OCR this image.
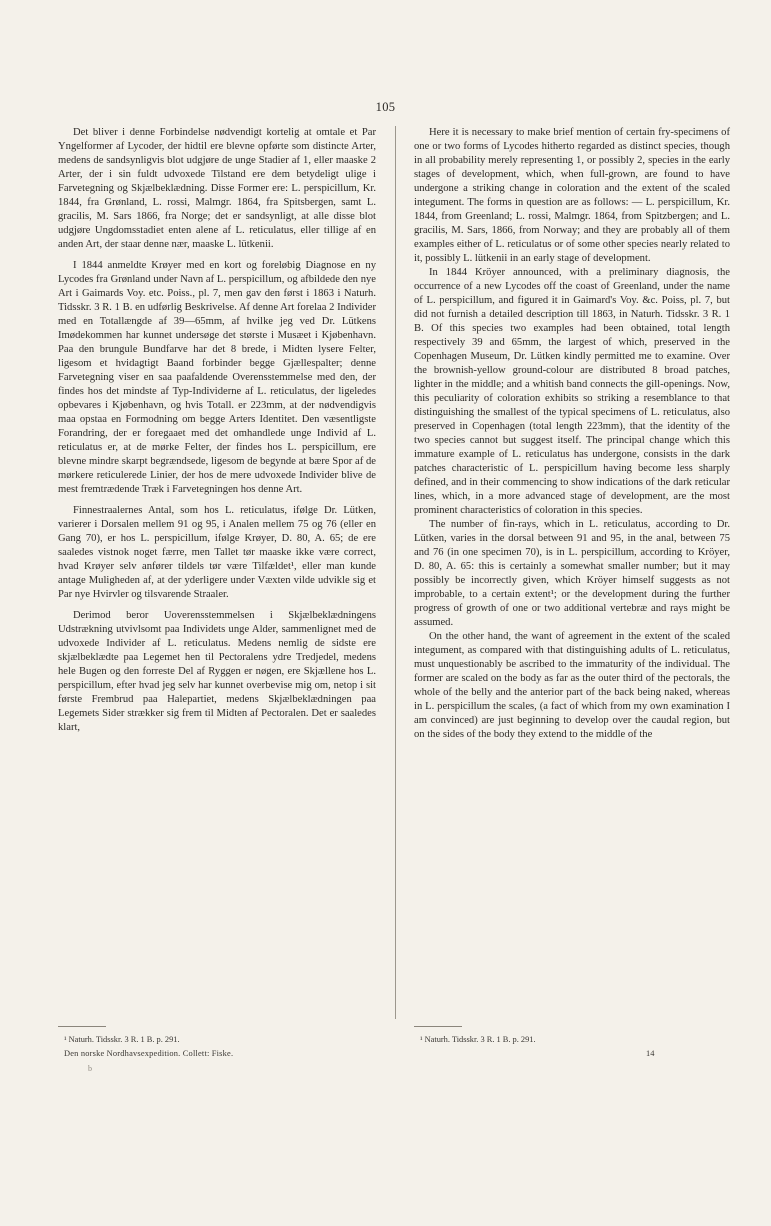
105

Det bliver i denne Forbindelse nødvendigt kortelig at omtale et Par Yngelformer af Lycoder, der hidtil ere blevne opførte som distincte Arter, medens de sandsynligvis blot udgjøre de unge Stadier af 1, eller maaske 2 Arter, der i sin fuldt udvoxede Tilstand ere dem betydeligt ulige i Farvetegning og Skjælbeklædning. Disse Former ere: L. perspicillum, Kr. 1844, fra Grønland, L. rossi, Malmgr. 1864, fra Spitsbergen, samt L. gracilis, M. Sars 1866, fra Norge; det er sandsynligt, at alle disse blot udgjøre Ungdomsstadiet enten alene af L. reticulatus, eller tillige af en anden Art, der staar denne nær, maaske L. lütkenii.

I 1844 anmeldte Krøyer med en kort og foreløbig Diagnose en ny Lycodes fra Grønland under Navn af L. perspicillum, og afbildede den nye Art i Gaimards Voy. etc. Poiss., pl. 7, men gav den først i 1863 i Naturh. Tidsskr. 3 R. 1 B. en udførlig Beskrivelse. Af denne Art forelaa 2 Individer med en Totallængde af 39—65mm, af hvilke jeg ved Dr. Lütkens Imødekommen har kunnet undersøge det største i Musæet i Kjøbenhavn. Paa den brungule Bundfarve har det 8 brede, i Midten lysere Felter, ligesom et hvidagtigt Baand forbinder begge Gjællespalter; denne Farvetegning viser en saa paafaldende Overensstemmelse med den, der findes hos det mindste af Typ-Individerne af L. reticulatus, der ligeledes opbevares i Kjøbenhavn, og hvis Totall. er 223mm, at der nødvendigvis maa opstaa en Formodning om begge Arters Identitet. Den væsentligste Forandring, der er foregaaet med det omhandlede unge Individ af L. reticulatus er, at de mørke Felter, der findes hos L. perspicillum, ere blevne mindre skarpt begrændsede, ligesom de begynde at bære Spor af de mørkere reticulerede Linier, der hos de mere udvoxede Individer blive de mest fremtrædende Træk i Farvetegningen hos denne Art.

Finnestraalernes Antal, som hos L. reticulatus, ifølge Dr. Lütken, varierer i Dorsalen mellem 91 og 95, i Analen mellem 75 og 76 (eller en Gang 70), er hos L. perspicillum, ifølge Krøyer, D. 80, A. 65; de ere saaledes vistnok noget færre, men Tallet tør maaske ikke være correct, hvad Krøyer selv anfører tildels tør være Tilfældet¹, eller man kunde antage Muligheden af, at der yderligere under Væxten vilde udvikle sig et Par nye Hvirvler og tilsvarende Straaler.

Derimod beror Uoverensstemmelsen i Skjælbeklædningens Udstrækning utvivlsomt paa Individets unge Alder, sammenlignet med de udvoxede Individer af L. reticulatus. Medens nemlig de sidste ere skjælbeklædte paa Legemet hen til Pectoralens ydre Tredjedel, medens hele Bugen og den forreste Del af Ryggen er nøgen, ere Skjællene hos L. perspicillum, efter hvad jeg selv har kunnet overbevise mig om, netop i sit første Frembrud paa Halepartiet, medens Skjælbeklædningen paa Legemets Sider strækker sig frem til Midten af Pectoralen. Det er saaledes klart,

Here it is necessary to make brief mention of certain fry-specimens of one or two forms of Lycodes hitherto regarded as distinct species, though in all probability merely representing 1, or possibly 2, species in the early stages of development, which, when full-grown, are found to have undergone a striking change in coloration and the extent of the scaled integument. The forms in question are as follows: — L. perspicillum, Kr. 1844, from Greenland; L. rossi, Malmgr. 1864, from Spitzbergen; and L. gracilis, M. Sars, 1866, from Norway; and they are probably all of them examples either of L. reticulatus or of some other species nearly related to it, possibly L. lütkenii in an early stage of development.

In 1844 Kröyer announced, with a preliminary diagnosis, the occurrence of a new Lycodes off the coast of Greenland, under the name of L. perspicillum, and figured it in Gaimard's Voy. &c. Poiss, pl. 7, but did not furnish a detailed description till 1863, in Naturh. Tidsskr. 3 R. 1 B. Of this species two examples had been obtained, total length respectively 39 and 65mm, the largest of which, preserved in the Copenhagen Museum, Dr. Lütken kindly permitted me to examine. Over the brownish-yellow ground-colour are distributed 8 broad patches, lighter in the middle; and a whitish band connects the gill-openings. Now, this peculiarity of coloration exhibits so striking a resemblance to that distinguishing the smallest of the typical specimens of L. reticulatus, also preserved in Copenhagen (total length 223mm), that the identity of the two species cannot but suggest itself. The principal change which this immature example of L. reticulatus has undergone, consists in the dark patches characteristic of L. perspicillum having become less sharply defined, and in their commencing to show indications of the dark reticular lines, which, in a more advanced stage of development, are the most prominent characteristics of coloration in this species.

The number of fin-rays, which in L. reticulatus, according to Dr. Lütken, varies in the dorsal between 91 and 95, in the anal, between 75 and 76 (in one specimen 70), is in L. perspicillum, according to Kröyer, D. 80, A. 65: this is certainly a somewhat smaller number; but it may possibly be incorrectly given, which Kröyer himself suggests as not improbable, to a certain extent¹; or the development during the further progress of growth of one or two additional vertebræ and rays might be assumed.

On the other hand, the want of agreement in the extent of the scaled integument, as compared with that distinguishing adults of L. reticulatus, must unquestionably be ascribed to the immaturity of the individual. The former are scaled on the body as far as the outer third of the pectorals, the whole of the belly and the anterior part of the back being naked, whereas in L. perspicillum the scales, (a fact of which from my own examination I am convinced) are just beginning to develop over the caudal region, but on the sides of the body they extend to the middle of the

¹ Naturh. Tidsskr. 3 R. 1 B. p. 291.	¹ Naturh. Tidsskr. 3 R. 1 B. p. 291.
Den norske Nordhavsexpedition. Collett: Fiske.	14
b
